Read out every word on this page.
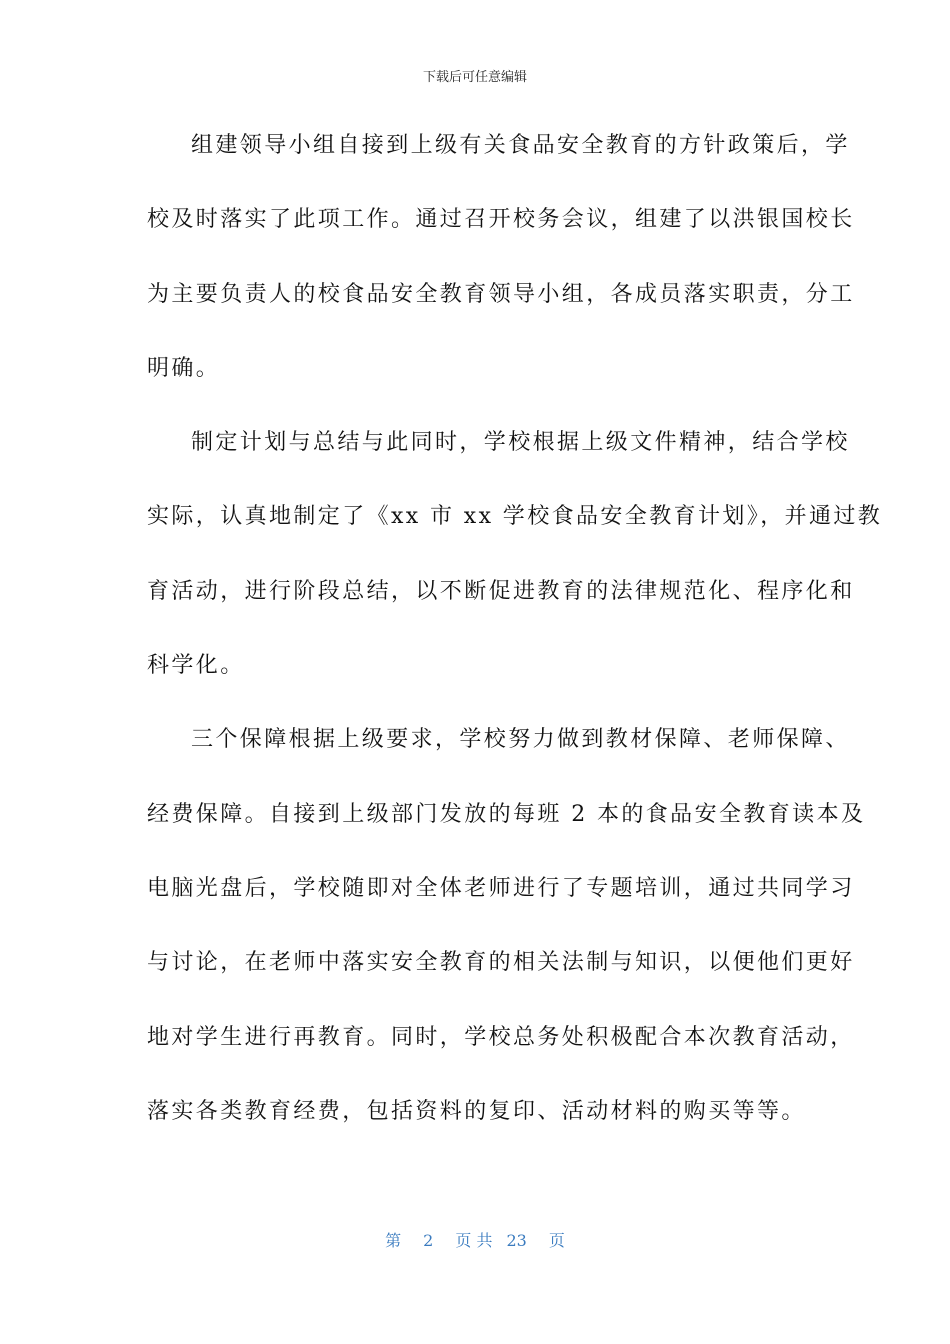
下载后可任意编辑
组建领导小组自接到上级有关食品安全教育的方针政策后，学
校及时落实了此项工作。通过召开校务会议，组建了以洪银国校长
为主要负责人的校食品安全教育领导小组，各成员落实职责，分工
明确。
制定计划与总结与此同时，学校根据上级文件精神，结合学校
实际，认真地制定了《xx 市 xx 学校食品安全教育计划》，并通过教
育活动，进行阶段总结，以不断促进教育的法律规范化、程序化和
科学化。
三个保障根据上级要求，学校努力做到教材保障、老师保障、
经费保障。自接到上级部门发放的每班 2 本的食品安全教育读本及
电脑光盘后，学校随即对全体老师进行了专题培训，通过共同学习
与讨论，在老师中落实安全教育的相关法制与知识，以便他们更好
地对学生进行再教育。同时，学校总务处积极配合本次教育活动，
落实各类教育经费，包括资料的复印、活动材料的购买等等。
第 2 页 共 23 页
